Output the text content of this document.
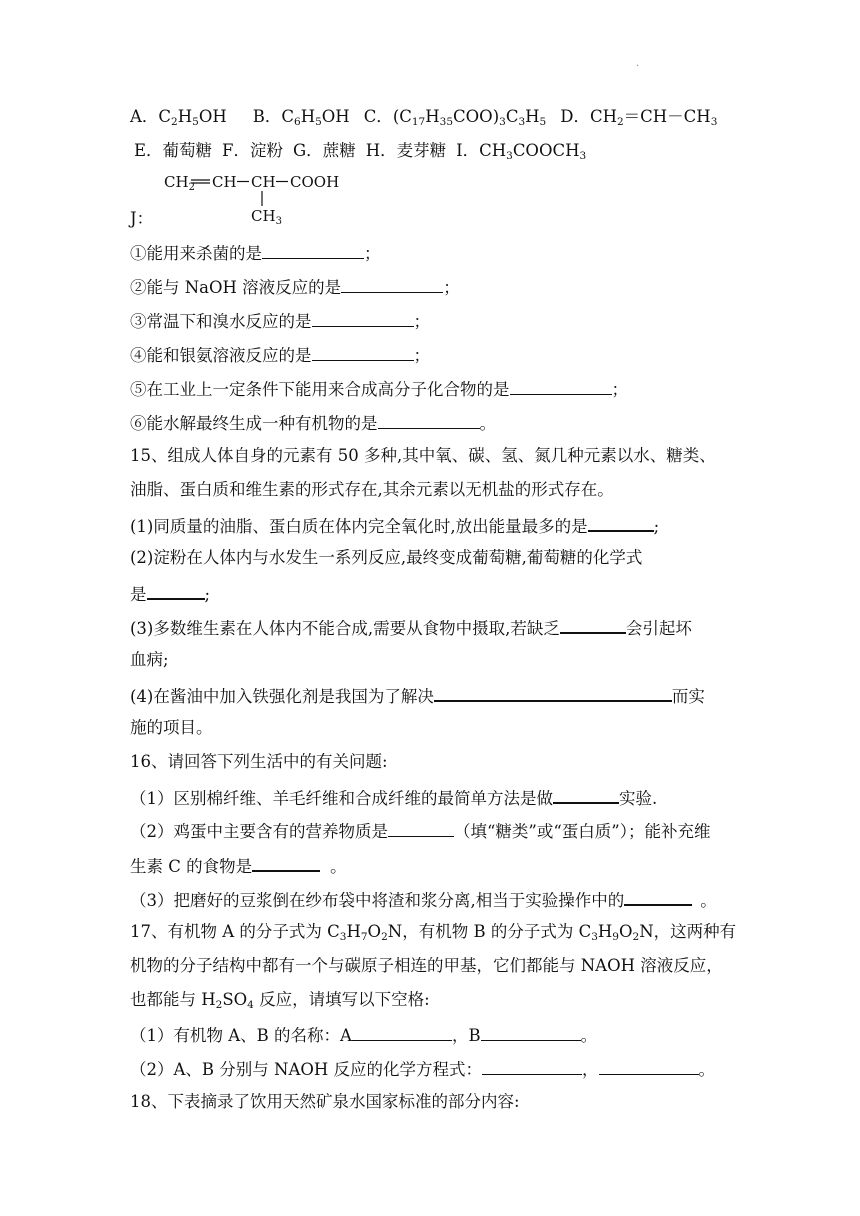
.
A．$C_2H_5OH$ B．$C_6H_5OH$ C．$(C_{17}H_{35}COO)_3C_3H_5$ D．$CH_2=CH-CH_3$
E．葡萄糖 F．淀粉 G．蔗糖 H．麦芽糖 I．$CH_3COOCH_3$
$CH_2$ CH CH COOH
$CH_3$
J：
①能用来杀菌的是	；
②能与 NaOH 溶液反应的是	；
③常温下和溴水反应的是	；
④能和银氨溶液反应的是	；
⑤在工业上一定条件下能用来合成高分子化合物的是	；
⑥能水解最终生成一种有机物的是	。
15、组成人体自身的元素有 50 多种,其中氧、碳、氢、氮几种元素以水、糖类、
油脂、蛋白质和维生素的形式存在,其余元素以无机盐的形式存在。
(1)同质量的油脂、蛋白质在体内完全氧化时,放出能量最多的是	;
(2)淀粉在人体内与水发生一系列反应,最终变成葡萄糖,葡萄糖的化学式
是	;
(3)多数维生素在人体内不能合成,需要从食物中摄取,若缺乏	会引起坏
血病;
(4)在酱油中加入铁强化剂是我国为了解决	而实
施的项目。
16、请回答下列生活中的有关问题:
（1）区别棉纤维、羊毛纤维和合成纤维的最简单方法是做	实验.
（2）鸡蛋中主要含有的营养物质是	（填“糖类”或“蛋白质”）；能补充维
生素 C 的食物是	。
（3）把磨好的豆浆倒在纱布袋中将渣和浆分离,相当于实验操作中的	。
17、有机物 A 的分子式为 $C_3H_7O_2N$，有机物 B 的分子式为 $C_3H_9O_2N$，这两种有
机物的分子结构中都有一个与碳原子相连的甲基，它们都能与 NAOH 溶液反应，
也都能与 $H_2SO_4$ 反应，请填写以下空格:
（1）有机物 A、B 的名称：A	，B	。
（2）A、B 分别与 NAOH 反应的化学方程式：	，	。
18、下表摘录了饮用天然矿泉水国家标准的部分内容:
